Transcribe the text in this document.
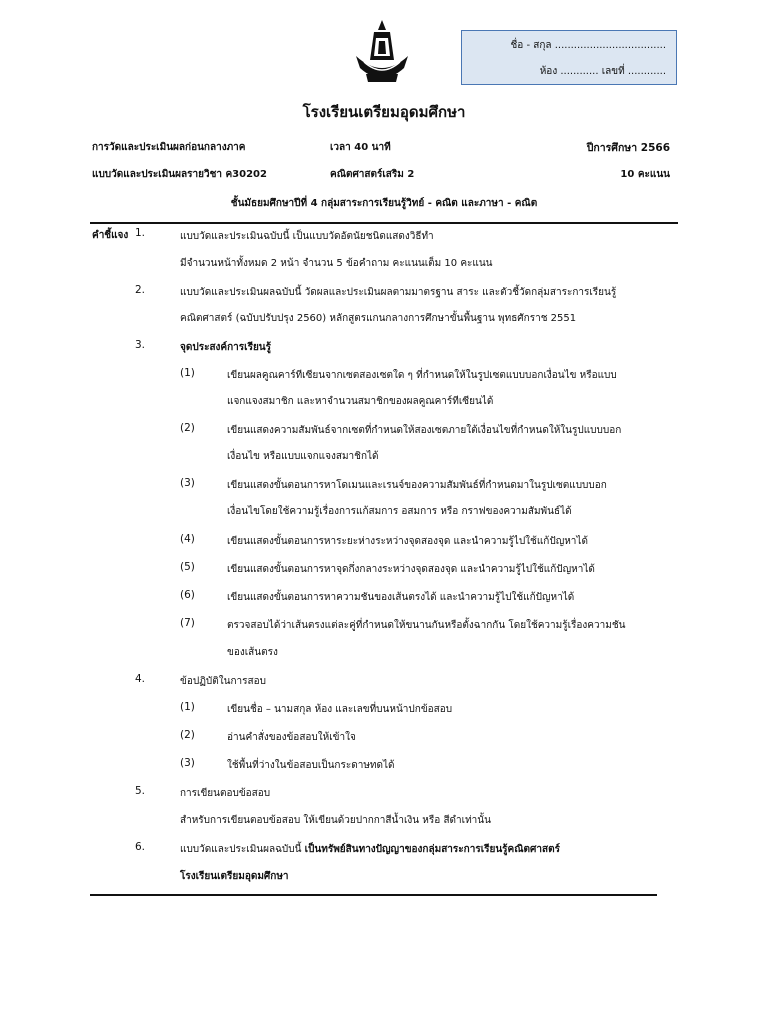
ชื่อ - สกุล ...................................
ห้อง ............ เลขที่ ............
โรงเรียนเตรียมอุดมศึกษา
การวัดและประเมินผลก่อนกลางภาค	เวลา 40 นาที	ปีการศึกษา 2566
แบบวัดและประเมินผลรายวิชา ค30202	คณิตศาสตร์เสริม 2	10 คะแนน
ชั้นมัธยมศึกษาปีที่ 4 กลุ่มสาระการเรียนรู้วิทย์ - คณิต และภาษา - คณิต
คำชี้แจง 1.	แบบวัดและประเมินฉบับนี้ เป็นแบบวัดอัตนัยชนิดแสดงวิธีทำ
มีจำนวนหน้าทั้งหมด 2 หน้า จำนวน 5 ข้อคำถาม คะแนนเต็ม 10 คะแนน
2.	แบบวัดและประเมินผลฉบับนี้ วัดผลและประเมินผลตามมาตรฐาน สาระ และตัวชี้วัดกลุ่มสาระการเรียนรู้
คณิตศาสตร์ (ฉบับปรับปรุง 2560) หลักสูตรแกนกลางการศึกษาขั้นพื้นฐาน พุทธศักราช 2551
3.	จุดประสงค์การเรียนรู้
(1)	เขียนผลคูณคาร์ทีเซียนจากเซตสองเซตใด ๆ ที่กำหนดให้ในรูปเซตแบบบอกเงื่อนไข หรือแบบ
แจกแจงสมาชิก และหาจำนวนสมาชิกของผลคูณคาร์ทีเซียนได้
(2)	เขียนแสดงความสัมพันธ์จากเซตที่กำหนดให้สองเซตภายใต้เงื่อนไขที่กำหนดให้ในรูปแบบบอก
เงื่อนไข หรือแบบแจกแจงสมาชิกได้
(3)	เขียนแสดงขั้นตอนการหาโดเมนและเรนจ์ของความสัมพันธ์ที่กำหนดมาในรูปเซตแบบบอก
เงื่อนไขโดยใช้ความรู้เรื่องการแก้สมการ อสมการ หรือ กราฟของความสัมพันธ์ได้
(4)	เขียนแสดงขั้นตอนการหาระยะห่างระหว่างจุดสองจุด และนำความรู้ไปใช้แก้ปัญหาได้
(5)	เขียนแสดงขั้นตอนการหาจุดกึ่งกลางระหว่างจุดสองจุด และนำความรู้ไปใช้แก้ปัญหาได้
(6)	เขียนแสดงขั้นตอนการหาความชันของเส้นตรงได้ และนำความรู้ไปใช้แก้ปัญหาได้
(7)	ตรวจสอบได้ว่าเส้นตรงแต่ละคู่ที่กำหนดให้ขนานกันหรือตั้งฉากกัน โดยใช้ความรู้เรื่องความชัน
ของเส้นตรง
4.	ข้อปฏิบัติในการสอบ
(1)	เขียนชื่อ – นามสกุล ห้อง และเลขที่บนหน้าปกข้อสอบ
(2)	อ่านคำสั่งของข้อสอบให้เข้าใจ
(3)	ใช้พื้นที่ว่างในข้อสอบเป็นกระดาษทดได้
5.	การเขียนตอบข้อสอบ
สำหรับการเขียนตอบข้อสอบ ให้เขียนด้วยปากกาสีน้ำเงิน หรือ สีดำเท่านั้น
6.	แบบวัดและประเมินผลฉบับนี้ เป็นทรัพย์สินทางปัญญาของกลุ่มสาระการเรียนรู้คณิตศาสตร์
โรงเรียนเตรียมอุดมศึกษา
